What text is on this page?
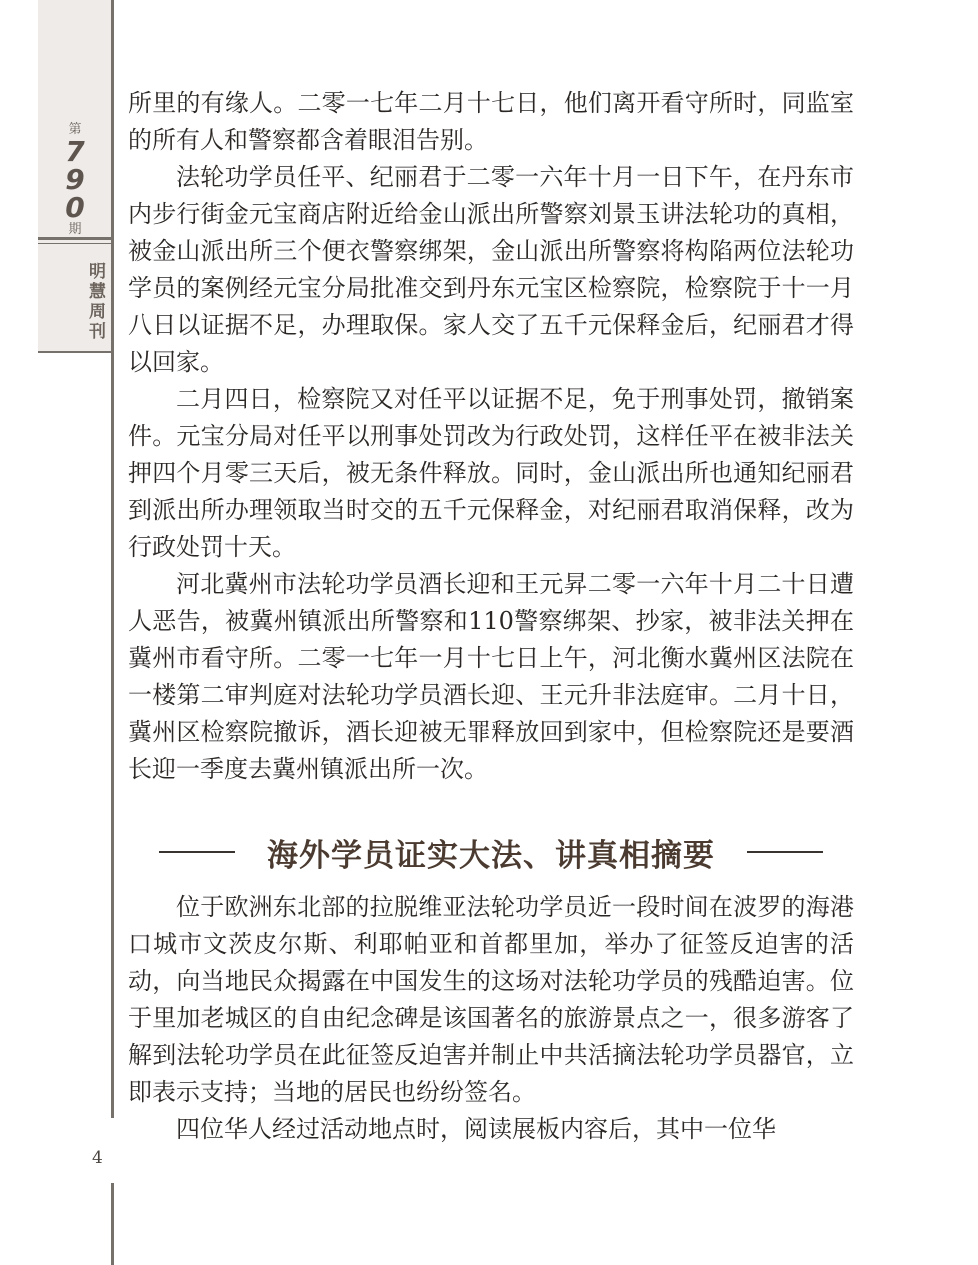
第
7
9
0
期
明慧周刊
4

所里的有缘人。二零一七年二月十七日，他们离开看守所时，同监室的所有人和警察都含着眼泪告别。

法轮功学员任平、纪丽君于二零一六年十月一日下午，在丹东市内步行街金元宝商店附近给金山派出所警察刘景玉讲法轮功的真相，被金山派出所三个便衣警察绑架，金山派出所警察将构陷两位法轮功学员的案例经元宝分局批准交到丹东元宝区检察院，检察院于十一月八日以证据不足，办理取保。家人交了五千元保释金后，纪丽君才得以回家。

二月四日，检察院又对任平以证据不足，免于刑事处罚，撤销案件。元宝分局对任平以刑事处罚改为行政处罚，这样任平在被非法关押四个月零三天后，被无条件释放。同时，金山派出所也通知纪丽君到派出所办理领取当时交的五千元保释金，对纪丽君取消保释，改为行政处罚十天。

河北冀州市法轮功学员酒长迎和王元昇二零一六年十月二十日遭人恶告，被冀州镇派出所警察和110警察绑架、抄家，被非法关押在冀州市看守所。二零一七年一月十七日上午，河北衡水冀州区法院在一楼第二审判庭对法轮功学员酒长迎、王元升非法庭审。二月十日，冀州区检察院撤诉，酒长迎被无罪释放回到家中，但检察院还是要酒长迎一季度去冀州镇派出所一次。

海外学员证实大法、讲真相摘要

位于欧洲东北部的拉脱维亚法轮功学员近一段时间在波罗的海港口城市文茨皮尔斯、利耶帕亚和首都里加，举办了征签反迫害的活动，向当地民众揭露在中国发生的这场对法轮功学员的残酷迫害。位于里加老城区的自由纪念碑是该国著名的旅游景点之一，很多游客了解到法轮功学员在此征签反迫害并制止中共活摘法轮功学员器官，立即表示支持；当地的居民也纷纷签名。

四位华人经过活动地点时，阅读展板内容后，其中一位华
